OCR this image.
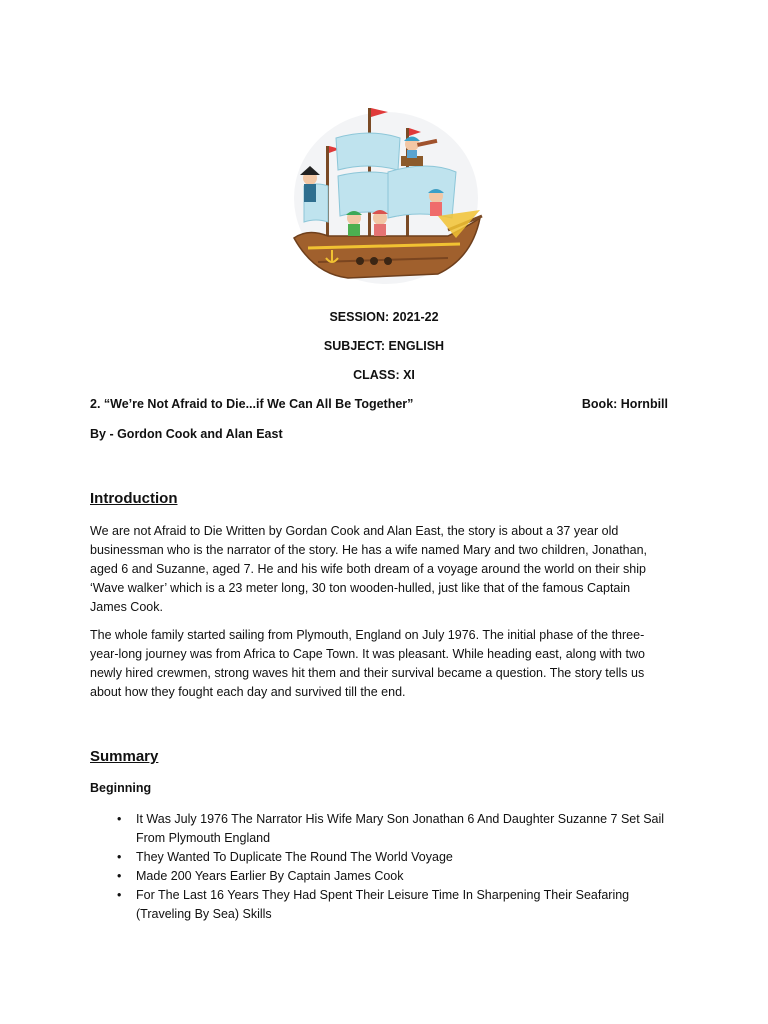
SESSION: 2021-22
SUBJECT: ENGLISH
CLASS: XI
2. “We’re Not Afraid to Die...if We Can All Be Together”	Book: Hornbill
By - Gordon Cook and Alan East
Introduction

We are not Afraid to Die Written by Gordan Cook and Alan East, the story is about a 37 year old businessman who is the narrator of the story. He has a wife named Mary and two children, Jonathan, aged 6 and Suzanne, aged 7. He and his wife both dream of a voyage around the world on their ship ‘Wave walker’ which is a 23 meter long, 30 ton wooden-hulled, just like that of the famous Captain James Cook.

The whole family started sailing from Plymouth, England on July 1976. The initial phase of the three-year-long journey was from Africa to Cape Town. It was pleasant. While heading east, along with two newly hired crewmen, strong waves hit them and their survival became a question. The story tells us about how they fought each day and survived till the end.

Summary
Beginning
• It Was July 1976 The Narrator His Wife Mary Son Jonathan 6 And Daughter Suzanne 7 Set Sail From Plymouth England
• They Wanted To Duplicate The Round The World Voyage
• Made 200 Years Earlier By Captain James Cook
• For The Last 16 Years They Had Spent Their Leisure Time In Sharpening Their Seafaring (Traveling By Sea) Skills
